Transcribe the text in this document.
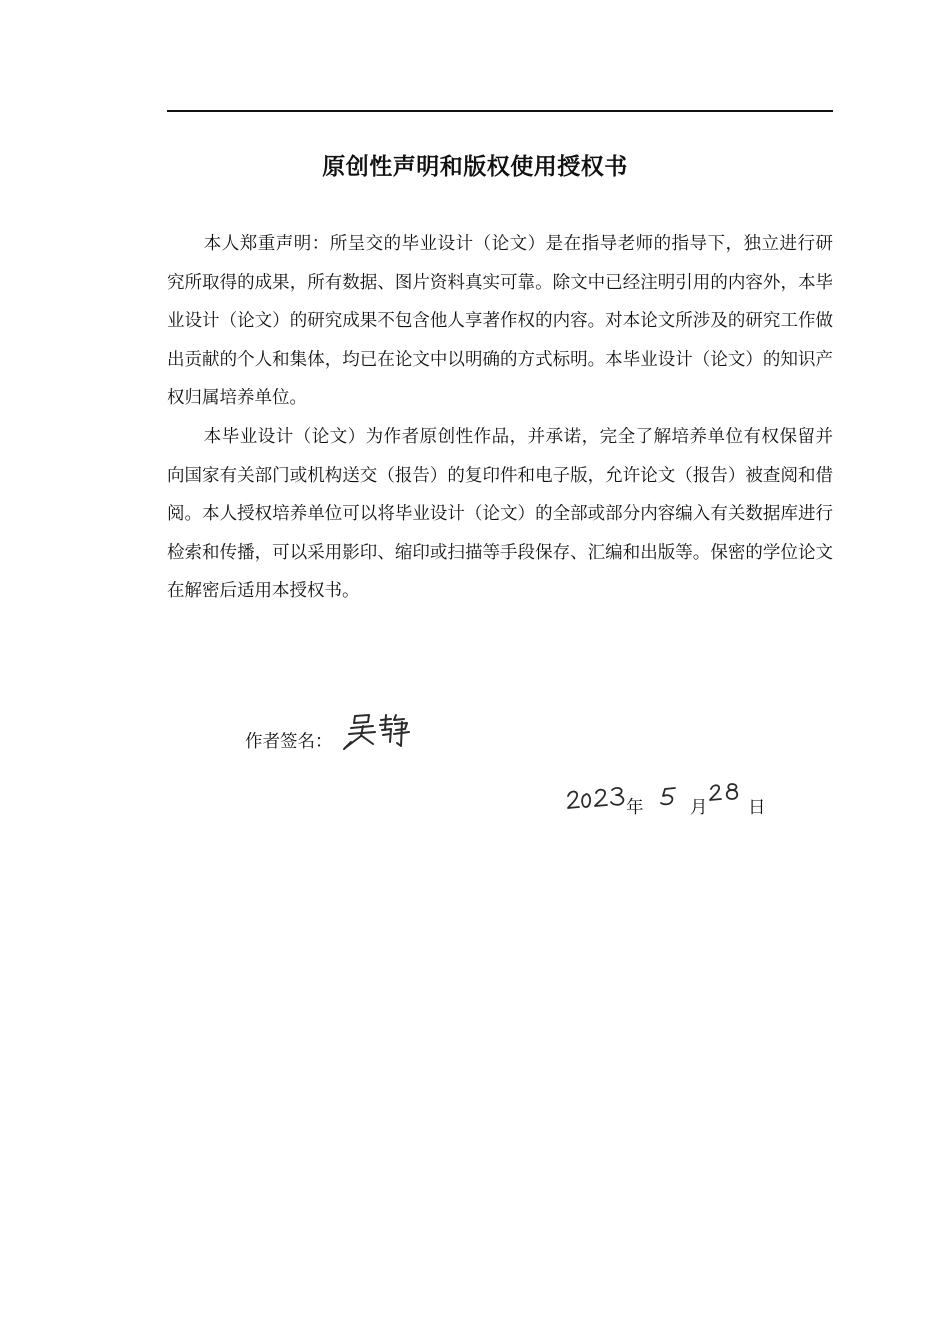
原创性声明和版权使用授权书

本人郑重声明：所呈交的毕业设计（论文）是在指导老师的指导下，独立进行研究所取得的成果，所有数据、图片资料真实可靠。除文中已经注明引用的内容外，本毕业设计（论文）的研究成果不包含他人享著作权的内容。对本论文所涉及的研究工作做出贡献的个人和集体，均已在论文中以明确的方式标明。本毕业设计（论文）的知识产权归属培养单位。

本毕业设计（论文）为作者原创性作品，并承诺，完全了解培养单位有权保留并向国家有关部门或机构送交（报告）的复印件和电子版，允许论文（报告）被查阅和借阅。本人授权培养单位可以将毕业设计（论文）的全部或部分内容编入有关数据库进行检索和传播，可以采用影印、缩印或扫描等手段保存、汇编和出版等。保密的学位论文在解密后适用本授权书。

作者签名：
年	月 日
